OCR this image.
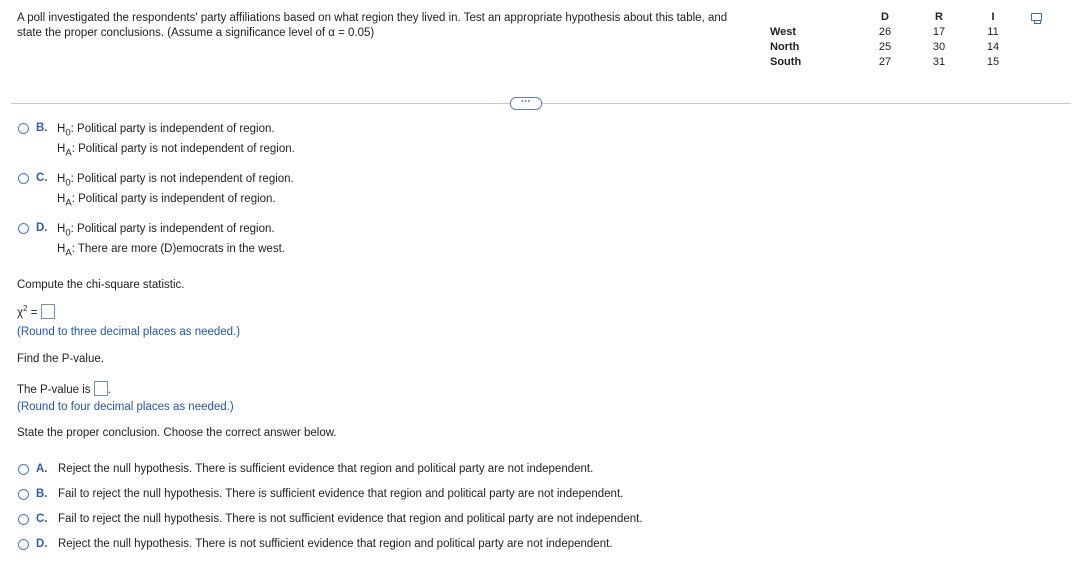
A poll investigated the respondents' party affiliations based on what region they lived in. Test an appropriate hypothesis about this table, and
state the proper conclusions. (Assume a significance level of α = 0.05)
	D	R	I
West	26	17	11
North	25	30	14
South	27	31	15
⋯
B. $H_0$: Political party is independent of region.
$H_A$: Political party is not independent of region.
C. $H_0$: Political party is not independent of region.
$H_A$: Political party is independent of region.
D. $H_0$: Political party is independent of region.
$H_A$: There are more (D)emocrats in the west.
Compute the chi-square statistic.
$\chi^2$ =
(Round to three decimal places as needed.)
Find the P-value.
The P-value is .
(Round to four decimal places as needed.)
State the proper conclusion. Choose the correct answer below.
A. Reject the null hypothesis. There is sufficient evidence that region and political party are not independent.
B. Fail to reject the null hypothesis. There is sufficient evidence that region and political party are not independent.
C. Fail to reject the null hypothesis. There is not sufficient evidence that region and political party are not independent.
D. Reject the null hypothesis. There is not sufficient evidence that region and political party are not independent.
